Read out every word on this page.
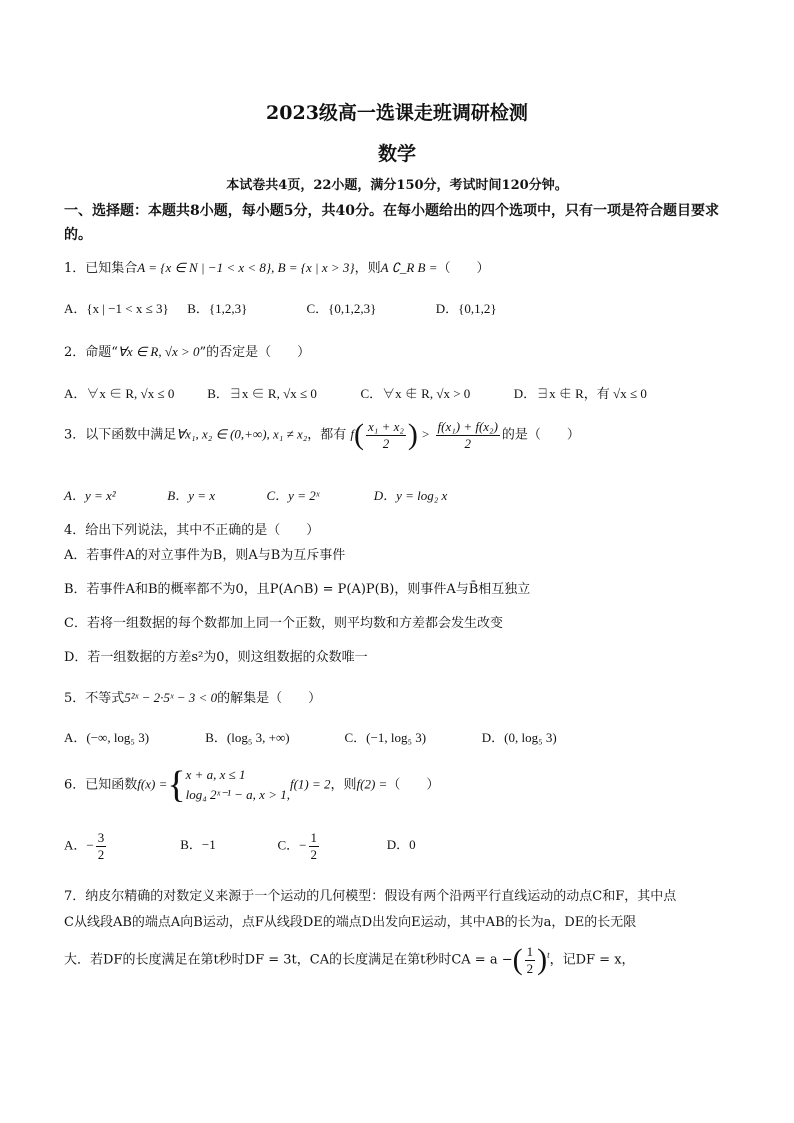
2023级高一选课走班调研检测
数学
本试卷共4页，22小题，满分150分，考试时间120分钟。
一、选择题：本题共8小题，每小题5分，共40分。在每小题给出的四个选项中，只有一项是符合题目要求的。
1．已知集合A = {x ∈ N | −1 < x < 8}, B = {x | x > 3}，则A ∁_R B =（　　）
A．{x | −1 < x ≤ 3} B．{1,2,3}	C．{0,1,2,3}	D．{0,1,2}
2．命题“∀x ∈ R, √x > 0”的否定是（　　）
A．∀x ∈ R, √x ≤ 0	B．∃x ∈ R, √x ≤ 0	C．∀x ∉ R, √x > 0	D．∃x ∉ R，有 √x ≤ 0
3．以下函数中满足∀x₁, x₂ ∈ (0,+∞), x₁ ≠ x₂，都有 $f( \frac{\text{x₁ + x₂}}{2}$ ) > $\frac{\text{f(x₁) + f(x₂)}}{2}$ 的是（　　）
A．y = x²	B．y = x	C．y = 2ˣ	D．y = log₂ x
4．给出下列说法，其中不正确的是（　　）
A．若事件A的对立事件为B，则A与B为互斥事件
B．若事件A和B的概率都不为0，且P(A∩B) = P(A)P(B)，则事件A与B̄相互独立
C．若将一组数据的每个数都加上同一个正数，则平均数和方差都会发生改变
D．若一组数据的方差s²为0，则这组数据的众数唯一
5．不等式5²ˣ − 2·5ˣ − 3 < 0的解集是（　　）
A．(−∞, log₅ 3)	B．(log₅ 3, +∞)	C．(−1, log₅ 3)	D．(0, log₅ 3)
6．已知函数f(x) ={ x + a, x ≤ 1
log₄ 2ˣ⁻¹ − a, x > 1,
f(1) = 2，则f(2) =（　　）
A．− $\frac{3}{2}$	B．−1	C．− $\frac{1}{2}$	D．0
7．纳皮尔精确的对数定义来源于一个运动的几何模型：假设有两个沿两平行直线运动的动点C和F，其中点
C从线段AB的端点A向B运动，点F从线段DE的端点D出发向E运动，其中AB的长为a，DE的长无限
大．若DF的长度满足在第t秒时DF = 3t，CA的长度满足在第t秒时CA = a −( $\frac{1}{2} )^t$，记DF = x，
